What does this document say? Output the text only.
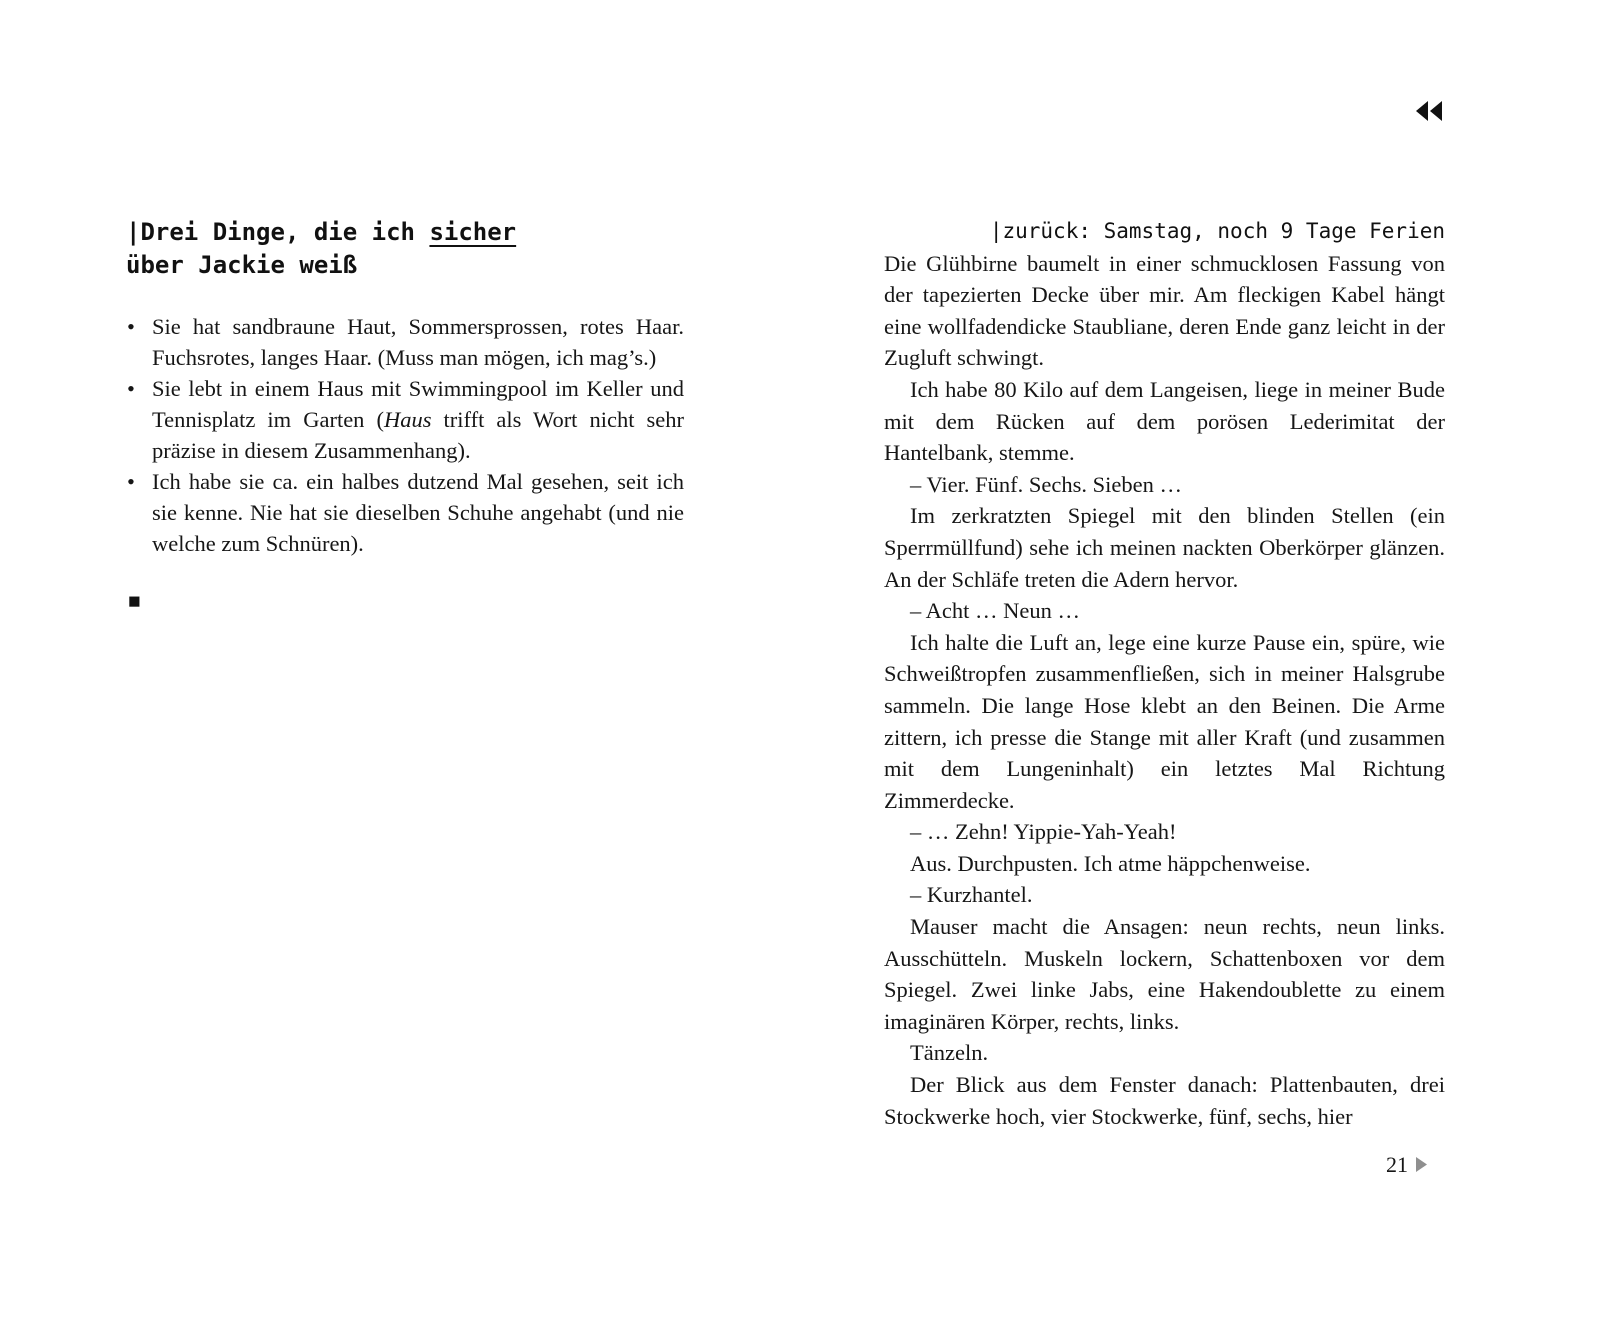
|Drei Dinge, die ich sicher
über Jackie weiß
• Sie hat sandbraune Haut, Sommersprossen, rotes Haar. Fuchsrotes, langes Haar. (Muss man mögen, ich mag’s.)
• Sie lebt in einem Haus mit Swimmingpool im Keller und Tennisplatz im Garten (Haus trifft als Wort nicht sehr präzise in diesem Zusammenhang).
• Ich habe sie ca. ein halbes dutzend Mal gesehen, seit ich sie kenne. Nie hat sie dieselben Schuhe angehabt (und nie welche zum Schnüren).
■
|zurück: Samstag, noch 9 Tage Ferien

Die Glühbirne baumelt in einer schmucklosen Fassung von der tapezierten Decke über mir. Am fleckigen Kabel hängt eine wollfadendicke Staubliane, deren Ende ganz leicht in der Zugluft schwingt.

Ich habe 80 Kilo auf dem Langeisen, liege in meiner Bude mit dem Rücken auf dem porösen Lederimitat der Hantelbank, stemme.

– Vier. Fünf. Sechs. Sieben …

Im zerkratzten Spiegel mit den blinden Stellen (ein Sperrmüllfund) sehe ich meinen nackten Oberkörper glänzen. An der Schläfe treten die Adern hervor.

– Acht … Neun …

Ich halte die Luft an, lege eine kurze Pause ein, spüre, wie Schweißtropfen zusammenfließen, sich in meiner Halsgrube sammeln. Die lange Hose klebt an den Beinen. Die Arme zittern, ich presse die Stange mit aller Kraft (und zusammen mit dem Lungeninhalt) ein letztes Mal Richtung Zimmerdecke.

– … Zehn! Yippie-Yah-Yeah!

Aus. Durchpusten. Ich atme häppchenweise.

– Kurzhantel.

Mauser macht die Ansagen: neun rechts, neun links. Ausschütteln. Muskeln lockern, Schattenboxen vor dem Spiegel. Zwei linke Jabs, eine Hakendoublette zu einem imaginären Körper, rechts, links.

Tänzeln.

Der Blick aus dem Fenster danach: Plattenbauten, drei Stockwerke hoch, vier Stockwerke, fünf, sechs, hier

21
